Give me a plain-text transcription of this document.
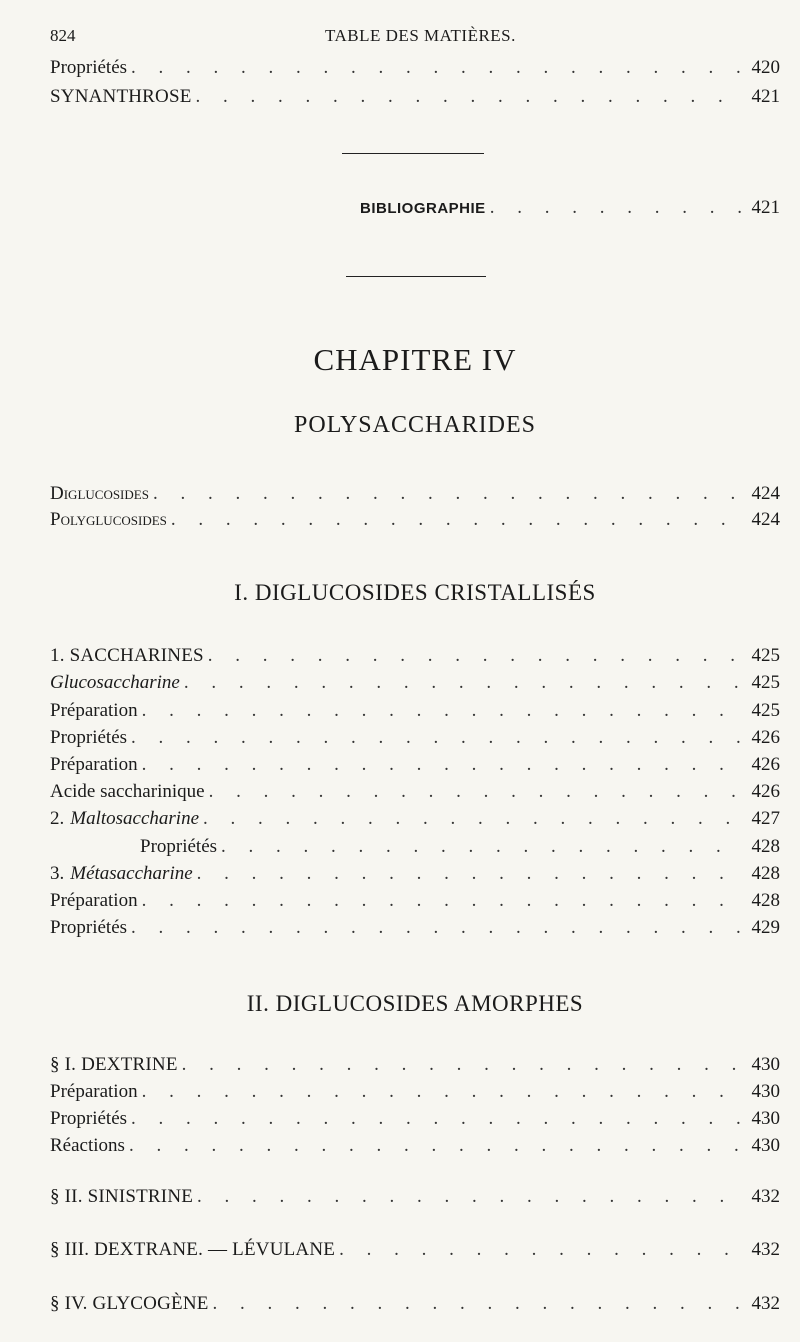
824	TABLE DES MATIÈRES.
Propriétés . . .	420
SYNANTHROSE . . .	421
BIBLIOGRAPHIE . . .	421
CHAPITRE IV
POLYSACCHARIDES
Diglucosides . . .	424
Polyglucosides . . .	424
I. DIGLUCOSIDES CRISTALLISÉS
1. SACCHARINES . . .	425
Glucosaccharine . . .	425
Préparation . . .	425
Propriétés . . .	426
Préparation . . .	426
Acide saccharinique . . .	426
2. Maltosaccharine . . .	427
Propriétés . . .	428
3. Métasaccharine . . .	428
Préparation . . .	428
Propriétés . . .	429
II. DIGLUCOSIDES AMORPHES
§ I. DEXTRINE . . .	430
Préparation . . .	430
Propriétés . . .	430
Réactions . . .	430
§ II. SINISTRINE . . .	432
§ III. DEXTRANE. — LÉVULANE . . .	432
§ IV. GLYCOGÈNE . . .	432
